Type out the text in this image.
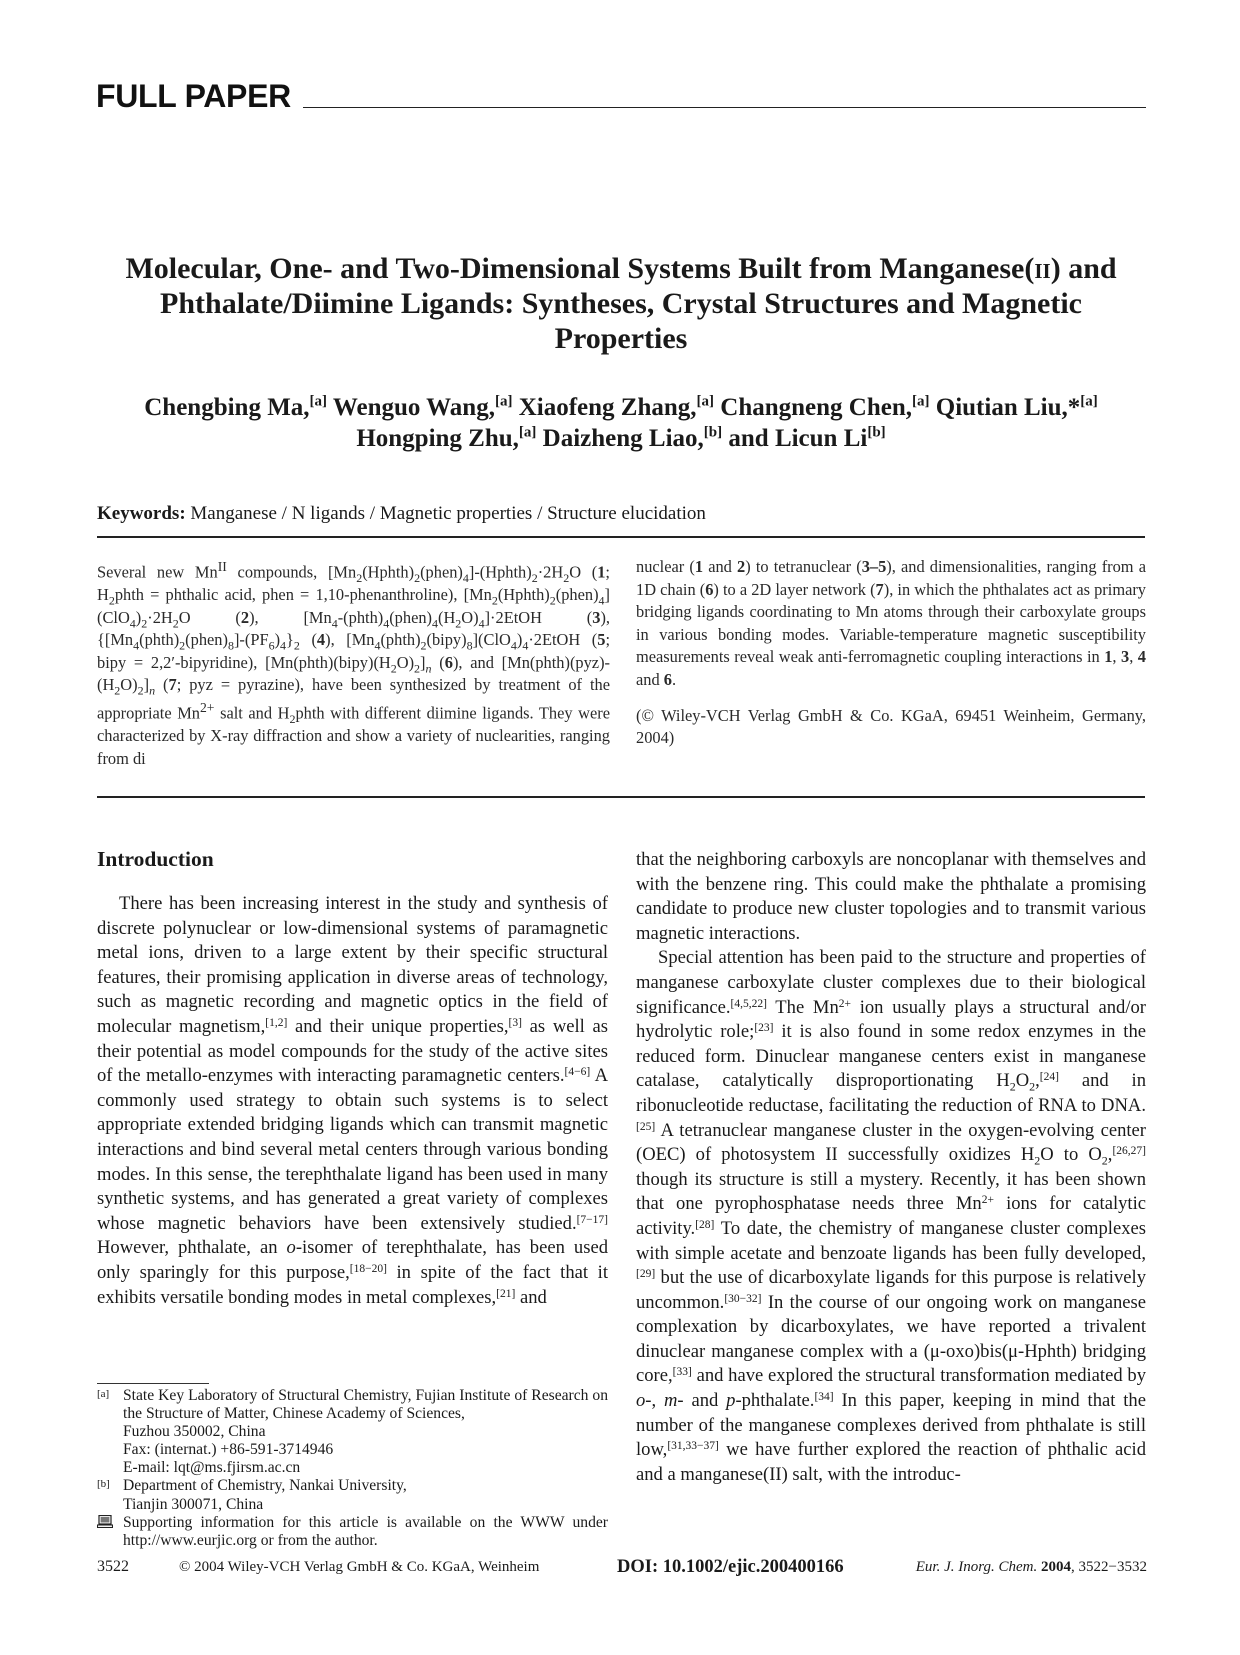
FULL PAPER
Molecular, One- and Two-Dimensional Systems Built from Manganese(ii) and Phthalate/Diimine Ligands: Syntheses, Crystal Structures and Magnetic Properties
Chengbing Ma,[a] Wenguo Wang,[a] Xiaofeng Zhang,[a] Changneng Chen,[a] Qiutian Liu,*[a]
Hongping Zhu,[a] Daizheng Liao,[b] and Licun Li[b]
Keywords: Manganese / N ligands / Magnetic properties / Structure elucidation
Several new $Mn^{II}$ compounds, $[Mn_2(Hphth)_2(phen)_4]-(Hphth)_2\cdot 2H_2O$ (1; $H_2phth$ = phthalic acid, phen = 1,10-phenanthroline), $[Mn_2(Hphth)_2(phen)_4](ClO_4)_2\cdot 2H_2O$ (2), $[Mn_4-(phth)_4(phen)_4(H_2O)_4]\cdot 2EtOH$ (3), $\{[Mn_4(phth)_2(phen)_8]-(PF_6)_4\}_2$ (4), $[Mn_4(phth)_2(bipy)_8](ClO_4)_4\cdot 2EtOH$ (5; bipy = 2,2′-bipyridine), $[Mn(phth)(bipy)(H_2O)_2]_n$ (6), and $[Mn(phth)(pyz)-(H_2O)_2]_n$ (7; pyz = pyrazine), have been synthesized by treatment of the appropriate $Mn^{2+}$ salt and $H_2phth$ with different diimine ligands. They were characterized by X-ray diffraction and show a variety of nuclearities, ranging from di
nuclear (1 and 2) to tetranuclear (3–5), and dimensionalities, ranging from a 1D chain (6) to a 2D layer network (7), in which the phthalates act as primary bridging ligands coordinating to Mn atoms through their carboxylate groups in various bonding modes. Variable-temperature magnetic susceptibility measurements reveal weak anti-ferromagnetic coupling interactions in 1, 3, 4 and 6.
(© Wiley-VCH Verlag GmbH & Co. KGaA, 69451 Weinheim, Germany, 2004)
Introduction

There has been increasing interest in the study and synthesis of discrete polynuclear or low-dimensional systems of paramagnetic metal ions, driven to a large extent by their specific structural features, their promising application in diverse areas of technology, such as magnetic recording and magnetic optics in the field of molecular magnetism,[1,2] and their unique properties,[3] as well as their potential as model compounds for the study of the active sites of the metallo-enzymes with interacting paramagnetic centers.[4−6] A commonly used strategy to obtain such systems is to select appropriate extended bridging ligands which can transmit magnetic interactions and bind several metal centers through various bonding modes. In this sense, the terephthalate ligand has been used in many synthetic systems, and has generated a great variety of complexes whose magnetic behaviors have been extensively studied.[7−17] However, phthalate, an o-isomer of terephthalate, has been used only sparingly for this purpose,[18−20] in spite of the fact that it exhibits versatile bonding modes in metal complexes,[21] and

that the neighboring carboxyls are noncoplanar with themselves and with the benzene ring. This could make the phthalate a promising candidate to produce new cluster topologies and to transmit various magnetic interactions.

Special attention has been paid to the structure and properties of manganese carboxylate cluster complexes due to their biological significance.[4,5,22] The $Mn^{2+}$ ion usually plays a structural and/or hydrolytic role;[23] it is also found in some redox enzymes in the reduced form. Dinuclear manganese centers exist in manganese catalase, catalytically disproportionating $H_2O_2,[24]$ and in ribonucleotide reductase, facilitating the reduction of RNA to DNA.[25] A tetranuclear manganese cluster in the oxygen-evolving center (OEC) of photosystem II successfully oxidizes $H_2O$ to $O_2,[26,27]$ though its structure is still a mystery. Recently, it has been shown that one pyrophosphatase needs three $Mn^{2+}$ ions for catalytic activity.[28] To date, the chemistry of manganese cluster complexes with simple acetate and benzoate ligands has been fully developed,[29] but the use of dicarboxylate ligands for this purpose is relatively uncommon.[30−32] In the course of our ongoing work on manganese complexation by dicarboxylates, we have reported a trivalent dinuclear manganese complex with a (μ-oxo)bis(μ-Hphth) bridging core,[33] and have explored the structural transformation mediated by o-, m- and p-phthalate.[34] In this paper, keeping in mind that the number of the manganese complexes derived from phthalate is still low,[31,33−37] we have further explored the reaction of phthalic acid and a manganese(II) salt, with the introduc-

[a] State Key Laboratory of Structural Chemistry, Fujian Institute of Research on the Structure of Matter, Chinese Academy of Sciences,
Fuzhou 350002, China
Fax: (internat.) +86-591-3714946
E-mail: lqt@ms.fjirsm.ac.cn
[b] Department of Chemistry, Nankai University,
Tianjin 300071, China
Supporting information for this article is available on the WWW under http://www.eurjic.org or from the author.
3522	© 2004 Wiley-VCH Verlag GmbH & Co. KGaA, Weinheim	DOI: 10.1002/ejic.200400166	Eur. J. Inorg. Chem. 2004, 3522−3532
